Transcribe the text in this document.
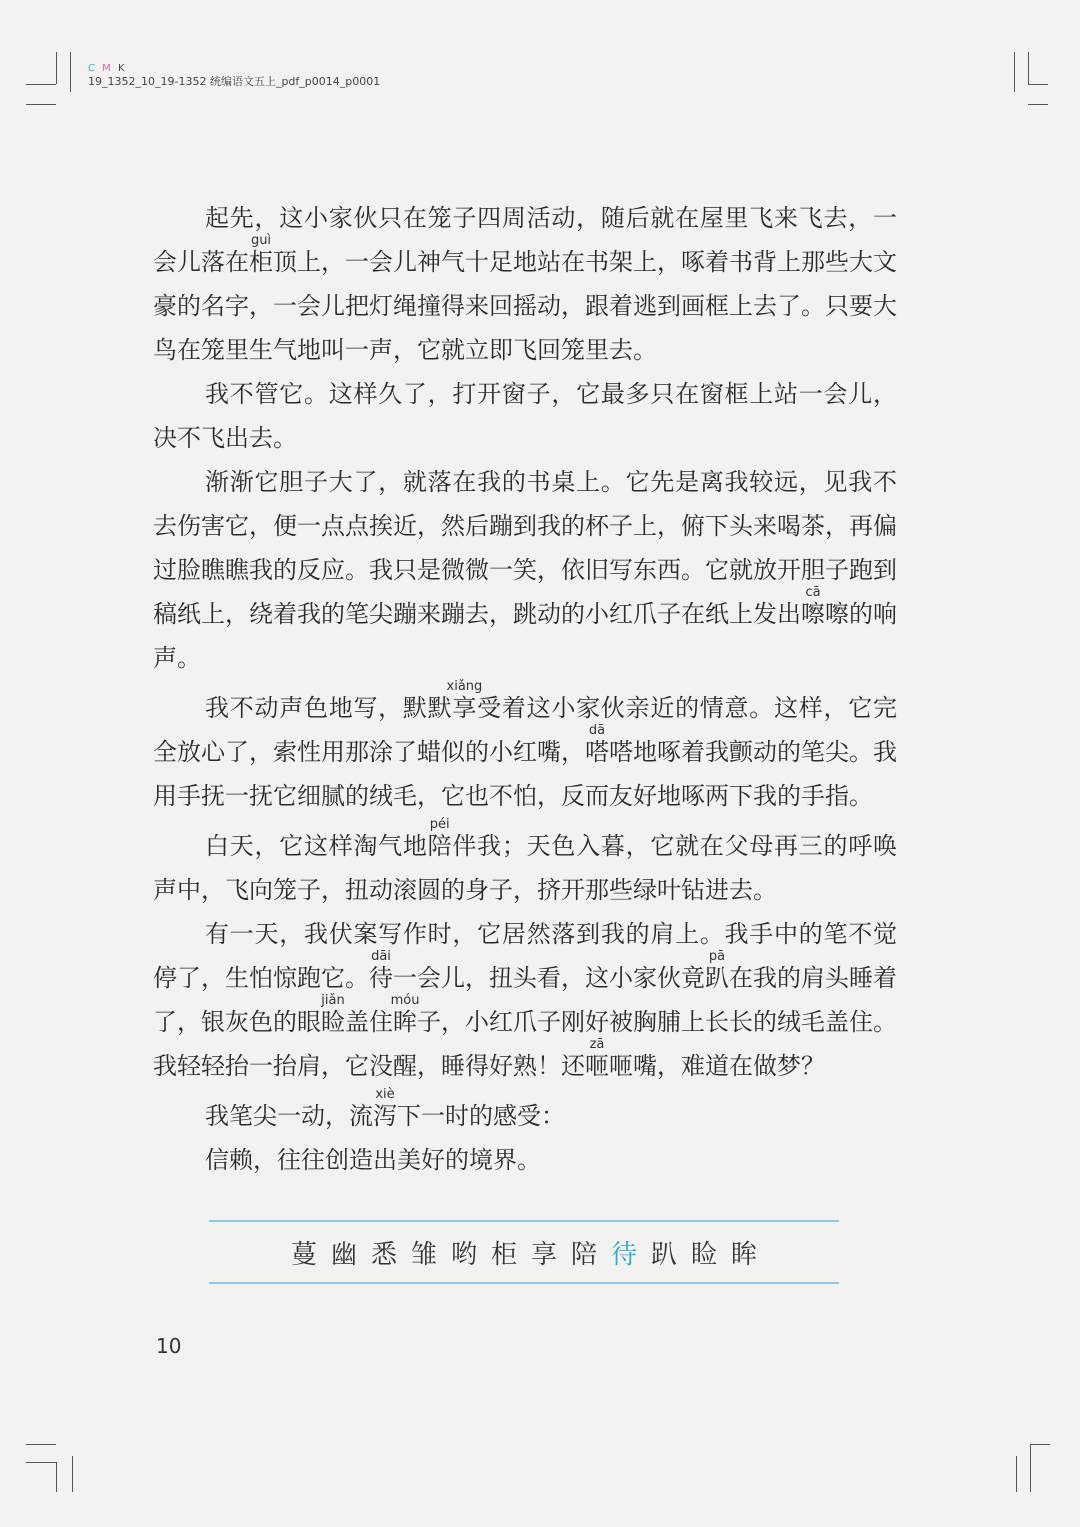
C M K
19_1352_10_19-1352 统编语文五上_pdf_p0014_p0001

起先，这小家伙只在笼子四周活动，随后就在屋里飞来飞去，一会儿落在柜guì顶上，一会儿神气十足地站在书架上，啄着书背上那些大文豪的名字，一会儿把灯绳撞得来回摇动，跟着逃到画框上去了。只要大鸟在笼里生气地叫一声，它就立即飞回笼里去。

我不管它。这样久了，打开窗子，它最多只在窗框上站一会儿，决不飞出去。

渐渐它胆子大了，就落在我的书桌上。它先是离我较远，见我不去伤害它，便一点点挨近，然后蹦到我的杯子上，俯下头来喝茶，再偏过脸瞧瞧我的反应。我只是微微一笑，依旧写东西。它就放开胆子跑到稿纸上，绕着我的笔尖蹦来蹦去，跳动的小红爪子在纸上发出嚓cā嚓的响声。

我不动声色地写，默默享xiǎng受着这小家伙亲近的情意。这样，它完全放心了，索性用那涂了蜡似的小红嘴，嗒dā嗒地啄着我颤动的笔尖。我用手抚一抚它细腻的绒毛，它也不怕，反而友好地啄两下我的手指。

白天，它这样淘气地陪péi伴我；天色入暮，它就在父母再三的呼唤声中，飞向笼子，扭动滚圆的身子，挤开那些绿叶钻进去。

有一天，我伏案写作时，它居然落到我的肩上。我手中的笔不觉停了，生怕惊跑它。待dāi一会儿，扭头看，这小家伙竟趴pā在我的肩头睡着了，银灰色的眼睑jiǎn盖住眸móu子，小红爪子刚好被胸脯上长长的绒毛盖住。我轻轻抬一抬肩，它没醒，睡得好熟！还咂zā咂嘴，难道在做梦？

我笔尖一动，流泻xiè下一时的感受：

信赖，往往创造出美好的境界。

蔓 幽 悉 雏 哟 柜 享 陪 待 趴 睑 眸
10
